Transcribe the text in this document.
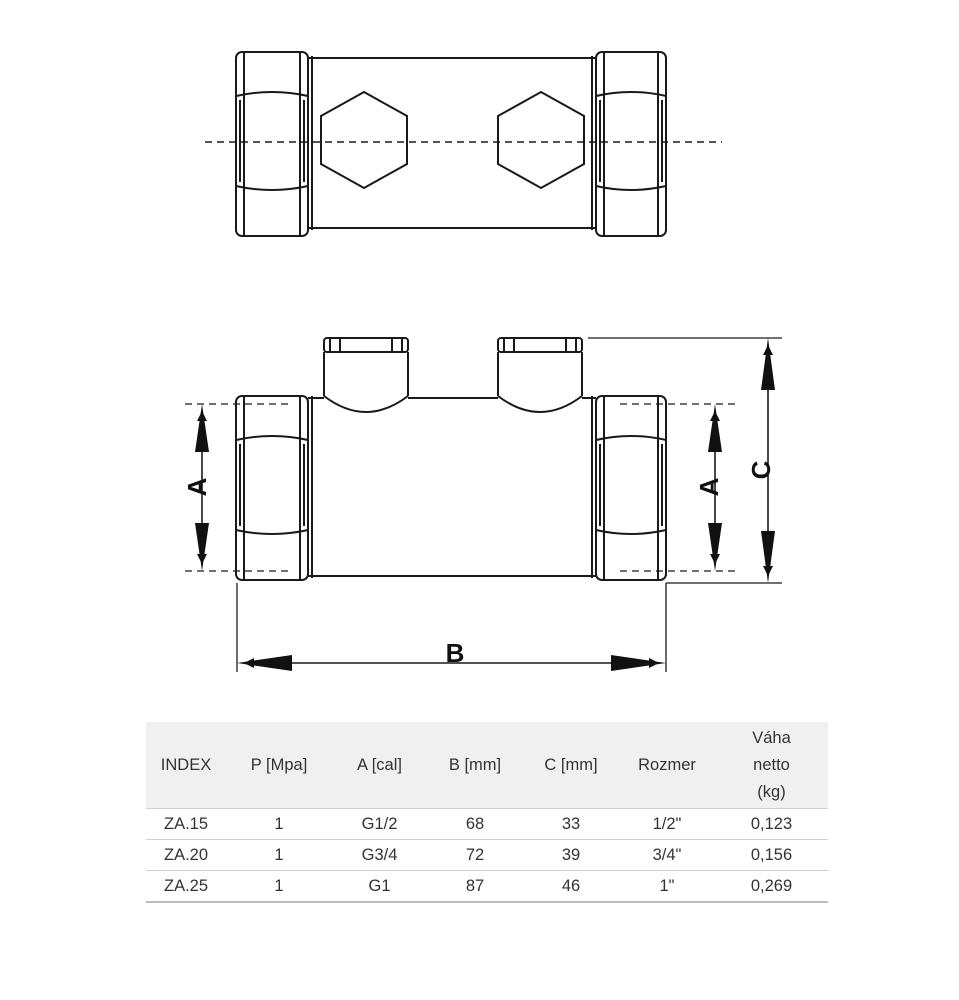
A	A
C
B
INDEX	P [Mpa]	A [cal]	B [mm]	C [mm]	Rozmer	Váha
netto
(kg)

ZA.15	1	G1/2	68	33	1/2"	0,123
ZA.20	1	G3/4	72	39	3/4"	0,156
ZA.25	1	G1	87	46	1"	0,269
